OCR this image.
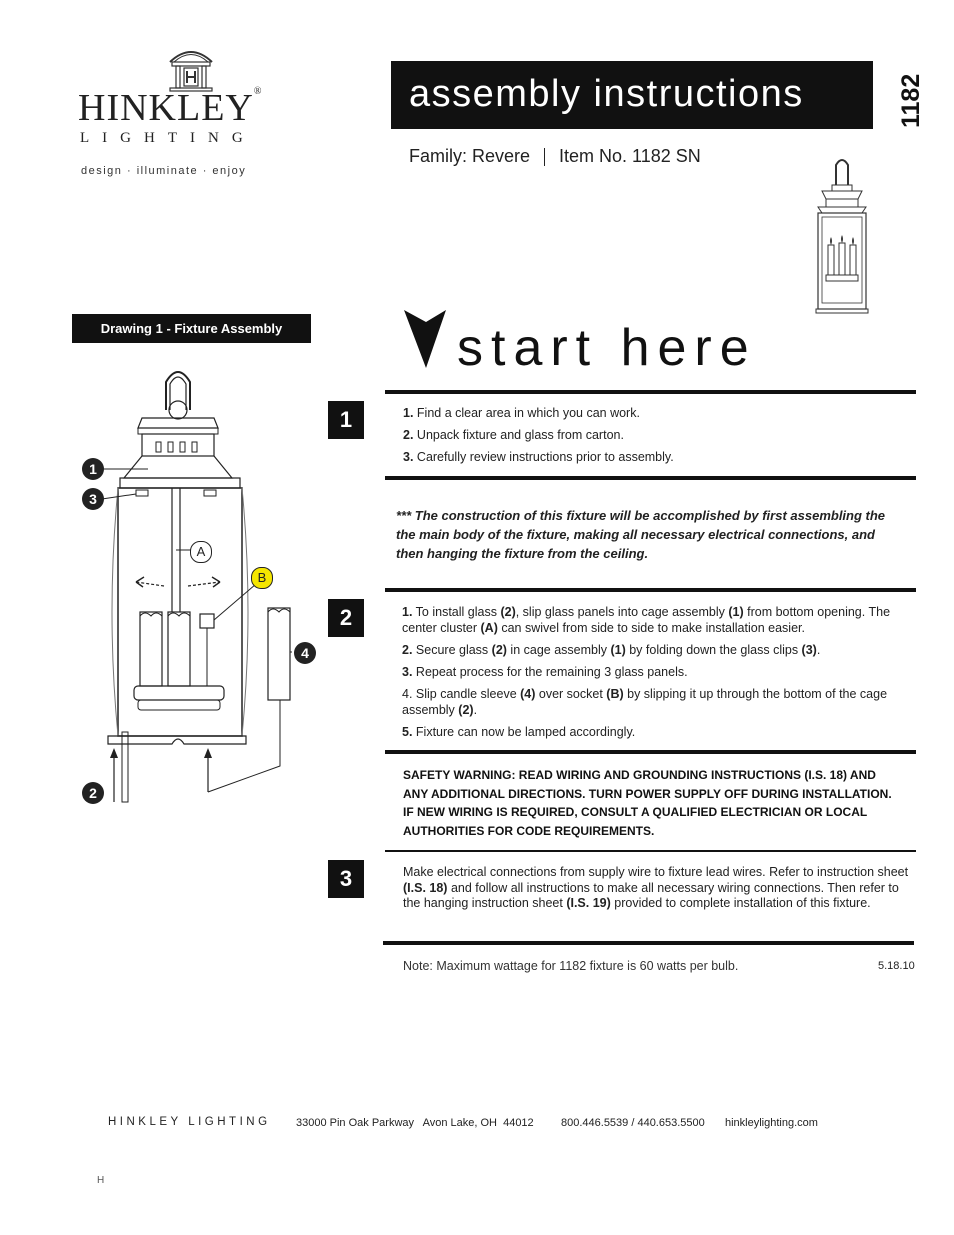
HINKLEY®
LIGHTING
design · illuminate · enjoy
assembly instructions	1182
Family: Revere Item No. 1182 SN
Drawing 1 - Fixture Assembly	start here
1
3
2
4
A
B
1	1. Find a clear area in which you can work.
2. Unpack fixture and glass from carton.
3. Carefully review instructions prior to assembly.
*** The construction of this fixture will be accomplished by first assembling the the main body of the fixture, making all necessary electrical connections, and then hanging the fixture from the ceiling.
2	1. To install glass (2), slip glass panels into cage assembly (1) from bottom opening. The center cluster (A) can swivel from side to side to make installation easier.
2. Secure glass (2) in cage assembly (1) by folding down the glass clips (3).
3. Repeat process for the remaining 3 glass panels.
4. Slip candle sleeve (4) over socket (B) by slipping it up through the bottom of the cage assembly (2).
5. Fixture can now be lamped accordingly.
SAFETY WARNING: READ WIRING AND GROUNDING INSTRUCTIONS (I.S. 18) AND ANY ADDITIONAL DIRECTIONS. TURN POWER SUPPLY OFF DURING INSTALLATION. IF NEW WIRING IS REQUIRED, CONSULT A QUALIFIED ELECTRICIAN OR LOCAL AUTHORITIES FOR CODE REQUIREMENTS.
3	Make electrical connections from supply wire to fixture lead wires. Refer to instruction sheet (I.S. 18) and follow all instructions to make all necessary wiring connections. Then refer to the hanging instruction sheet (I.S. 19) provided to complete installation of this fixture.
Note: Maximum wattage for 1182 fixture is 60 watts per bulb.	5.18.10
HINKLEY LIGHTING 33000 Pin Oak Parkway   Avon Lake, OH  44012 800.446.5539 / 440.653.5500 hinkleylighting.com
H
